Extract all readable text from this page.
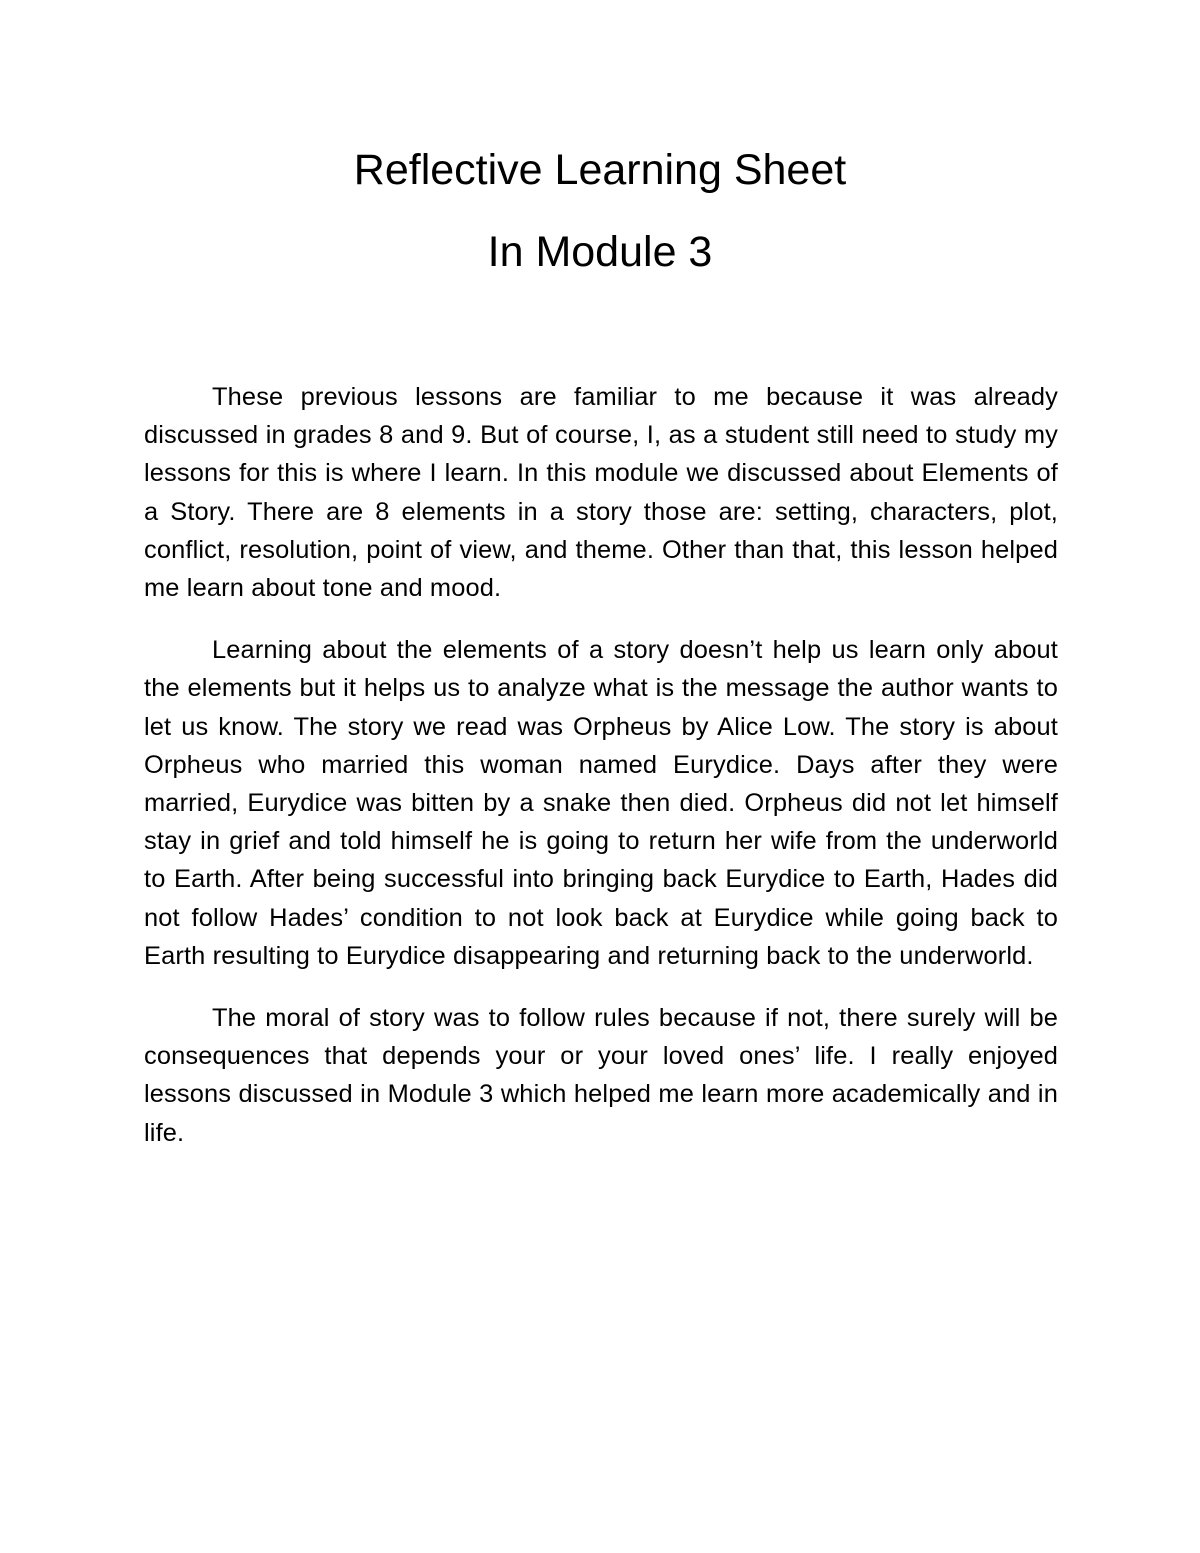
Reflective Learning Sheet
In Module 3

These previous lessons are familiar to me because it was already discussed in grades 8 and 9. But of course, I, as a student still need to study my lessons for this is where I learn. In this module we discussed about Elements of a Story. There are 8 elements in a story those are: setting, characters, plot, conflict, resolution, point of view, and theme. Other than that, this lesson helped me learn about tone and mood.

Learning about the elements of a story doesn’t help us learn only about the elements but it helps us to analyze what is the message the author wants to let us know. The story we read was Orpheus by Alice Low. The story is about Orpheus who married this woman named Eurydice. Days after they were married, Eurydice was bitten by a snake then died. Orpheus did not let himself stay in grief and told himself he is going to return her wife from the underworld to Earth. After being successful into bringing back Eurydice to Earth, Hades did not follow Hades’ condition to not look back at Eurydice while going back to Earth resulting to Eurydice disappearing and returning back to the underworld.

The moral of story was to follow rules because if not, there surely will be consequences that depends your or your loved ones’ life. I really enjoyed lessons discussed in Module 3 which helped me learn more academically and in life.
